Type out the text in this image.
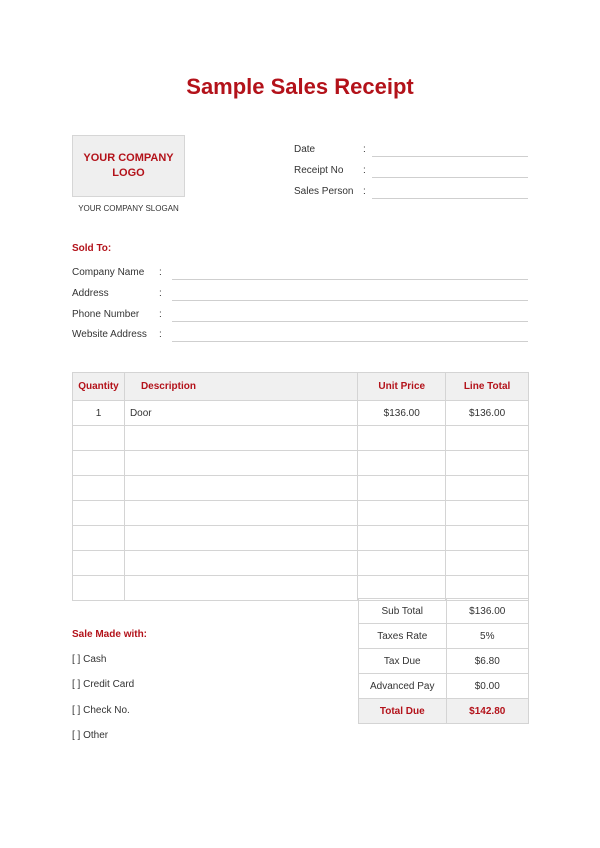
Sample Sales Receipt
YOUR COMPANY
LOGO
YOUR COMPANY SLOGAN
Date	:
Receipt No :
Sales Person :
Sold To:
Company Name :
Address	:
Phone Number :
Website Address :
Quantity	Description	Unit Price	Line Total
1	Door	$136.00	$136.00

Sub Total	$136.00
Taxes Rate	5%
Tax Due	$6.80
Advanced Pay	$0.00
Total Due	$142.80
Sale Made with:
[ ] Cash
[ ] Credit Card
[ ] Check No.
[ ] Other
